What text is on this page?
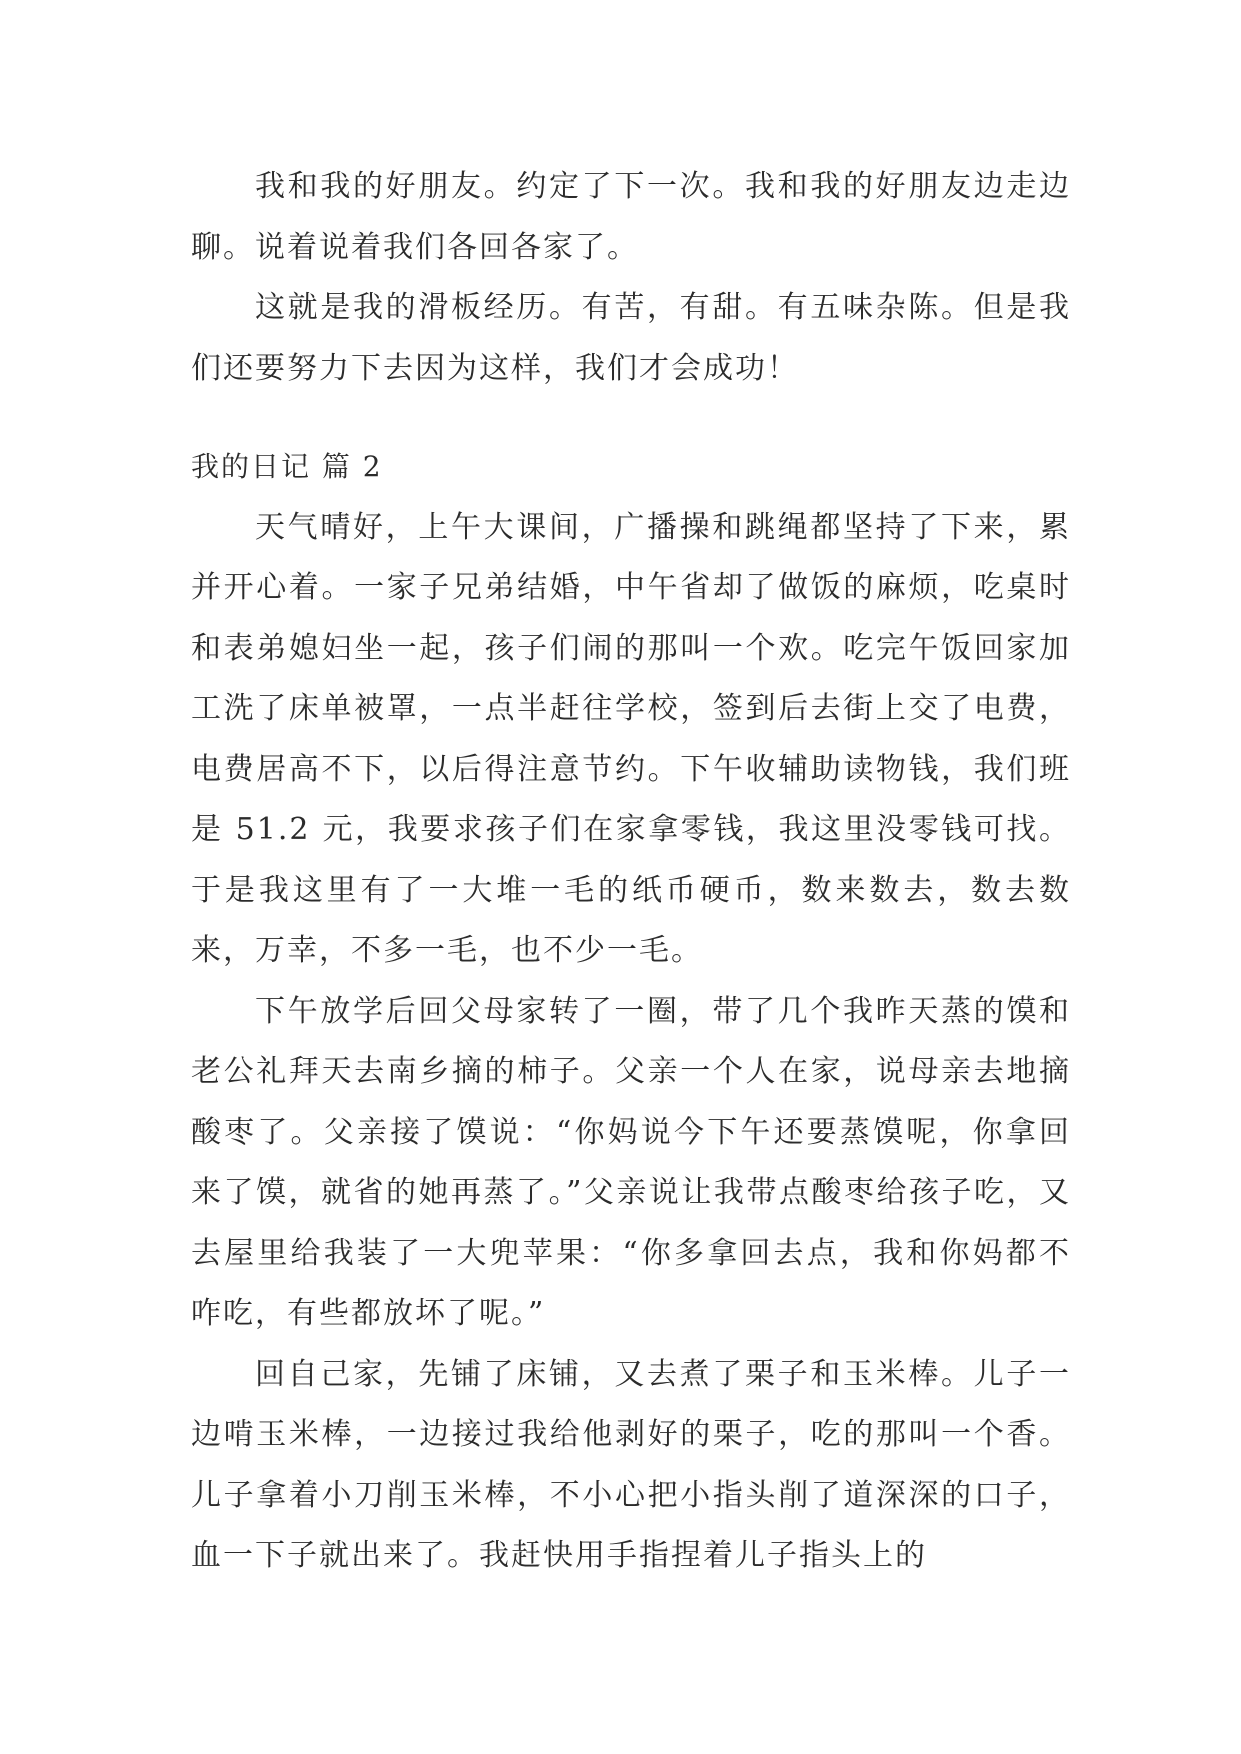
我和我的好朋友。约定了下一次。我和我的好朋友边走边聊。说着说着我们各回各家了。

这就是我的滑板经历。有苦，有甜。有五味杂陈。但是我们还要努力下去因为这样，我们才会成功！

我的日记 篇 2

天气晴好，上午大课间，广播操和跳绳都坚持了下来，累并开心着。一家子兄弟结婚，中午省却了做饭的麻烦，吃桌时和表弟媳妇坐一起，孩子们闹的那叫一个欢。吃完午饭回家加工洗了床单被罩，一点半赶往学校，签到后去街上交了电费，电费居高不下，以后得注意节约。下午收辅助读物钱，我们班是 51.2 元，我要求孩子们在家拿零钱，我这里没零钱可找。于是我这里有了一大堆一毛的纸币硬币，数来数去，数去数来，万幸，不多一毛，也不少一毛。

下午放学后回父母家转了一圈，带了几个我昨天蒸的馍和老公礼拜天去南乡摘的柿子。父亲一个人在家，说母亲去地摘酸枣了。父亲接了馍说：“你妈说今下午还要蒸馍呢，你拿回来了馍，就省的她再蒸了。”父亲说让我带点酸枣给孩子吃，又去屋里给我装了一大兜苹果：“你多拿回去点，我和你妈都不咋吃，有些都放坏了呢。”

回自己家，先铺了床铺，又去煮了栗子和玉米棒。儿子一边啃玉米棒，一边接过我给他剥好的栗子，吃的那叫一个香。儿子拿着小刀削玉米棒，不小心把小指头削了道深深的口子，血一下子就出来了。我赶快用手指捏着儿子指头上的
